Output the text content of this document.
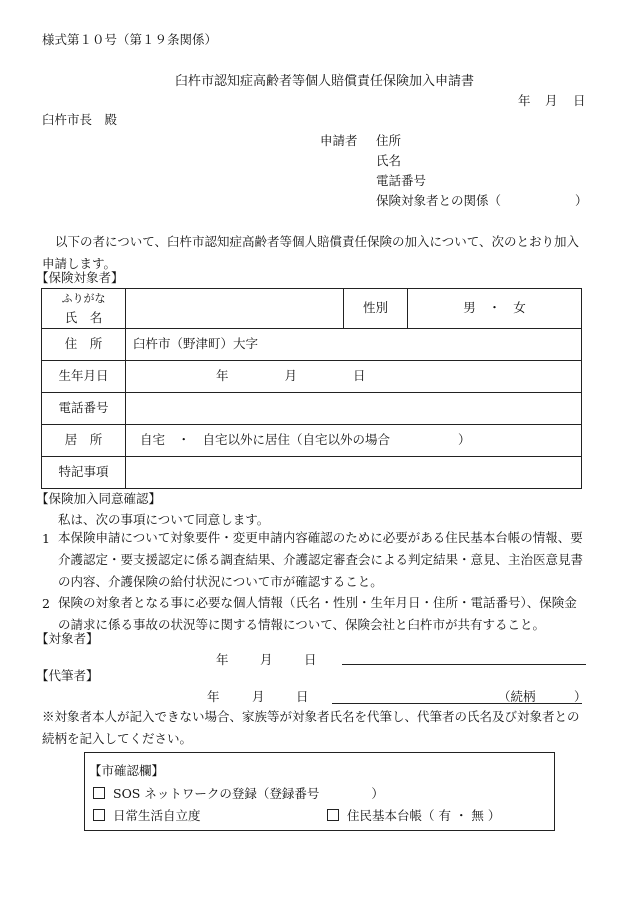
様式第１０号（第１９条関係）
臼杵市認知症高齢者等個人賠償責任保険加入申請書
年 月 日
臼杵市長　殿
申請者 住所
氏名
電話番号
保険対象者との関係（	）
以下の者について、臼杵市認知症高齢者等個人賠償責任保険の加入について、次のとおり加入申請します。
【保険対象者】
ふりがな
氏　名		性別	男　・　女
住　所	臼杵市（野津町）大字		
生年月日	年 月 日		
電話番号			
居　所	自宅　・　自宅以外に居住（自宅以外の場合 ）		
特記事項			
【保険加入同意確認】
私は、次の事項について同意します。
1 本保険申請について対象要件・変更申請内容確認のために必要がある住民基本台帳の情報、要介護認定・要支援認定に係る調査結果、介護認定審査会による判定結果・意見、主治医意見書の内容、介護保険の給付状況について市が確認すること。
2 保険の対象者となる事に必要な個人情報（氏名・性別・生年月日・住所・電話番号）、保険金の請求に係る事故の状況等に関する情報について、保険会社と臼杵市が共有すること。
【対象者】
年	月	日
【代筆者】
年	月	日	（続柄	）
※対象者本人が記入できない場合、家族等が対象者氏名を代筆し、代筆者の氏名及び対象者との続柄を記入してください。
【市確認欄】
SOS ネットワークの登録（登録番号	）
日常生活自立度	住民基本台帳（ 有 ・ 無 ）
